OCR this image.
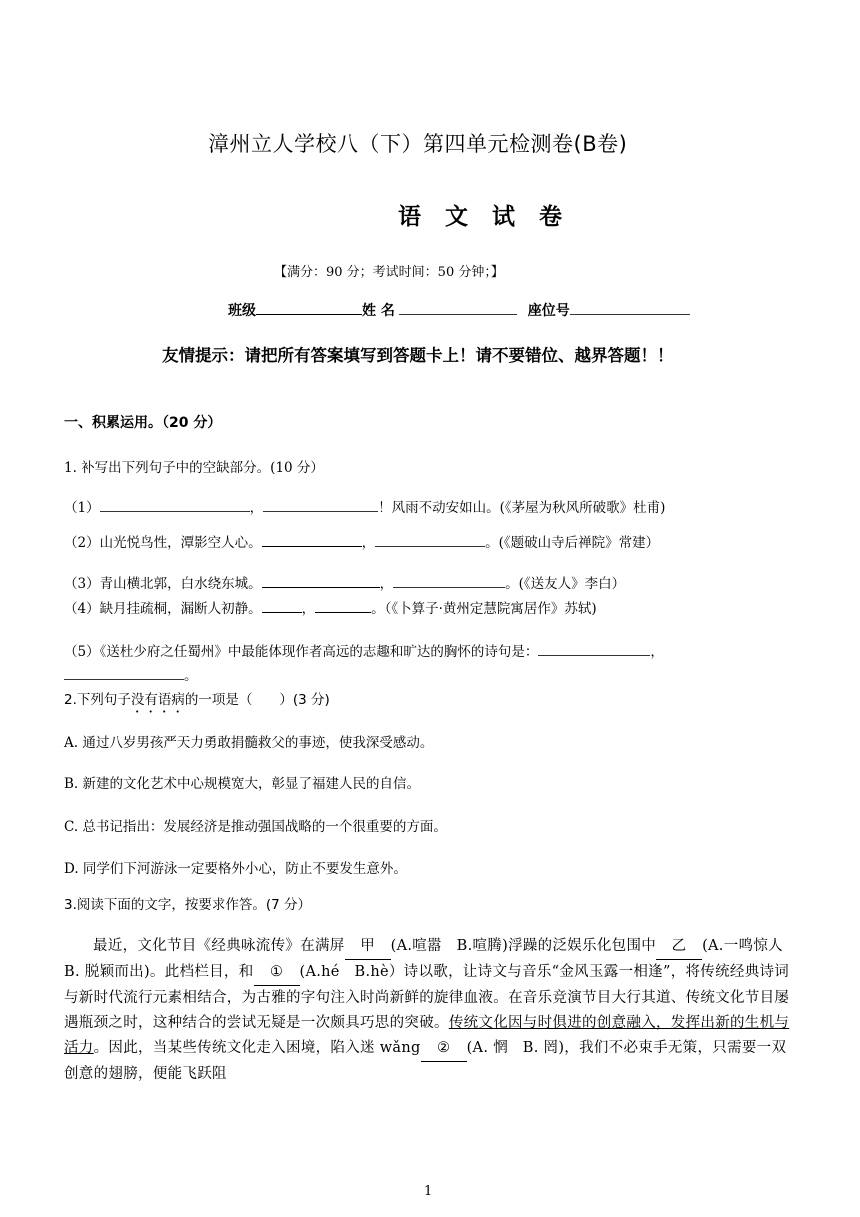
漳州立人学校八（下）第四单元检测卷(B卷)
语 文 试 卷
【满分：90 分；考试时间：50 分钟；】
班级	姓 名	座位号
友情提示：请把所有答案填写到答题卡上！请不要错位、越界答题！！
一、积累运用。（20 分）
1. 补写出下列句子中的空缺部分。(10 分）
（1）	，	！风雨不动安如山。(《茅屋为秋风所破歌》杜甫)
（2）山光悦鸟性，潭影空人心。	，	。(《题破山寺后禅院》常建）
（3）青山横北郭，白水绕东城。	，	。(《送友人》李白）
（4）缺月挂疏桐，漏断人初静。	，	。（《卜算子·黄州定慧院寓居作》苏轼)
（5）《送杜少府之任蜀州》中最能体现作者高远的志趣和旷达的胸怀的诗句是：	，
。
2.下列句子没有语病的一项是（　　）(3 分)
A. 通过八岁男孩严天力勇敢捐髓救父的事迹，使我深受感动。
B. 新建的文化艺术中心规模宽大，彰显了福建人民的自信。
C. 总书记指出：发展经济是推动强国战略的一个很重要的方面。
D. 同学们下河游泳一定要格外小心，防止不要发生意外。
3.阅读下面的文字，按要求作答。(7 分）
最近，文化节目《经典咏流传》在满屏 甲 (A.喧嚣　B.喧腾)浮躁的泛娱乐化包围中 乙 (A.一鸣惊人 B. 脱颖而出)。此档栏目，和 ① (A.hé　B.hè）诗以歌，让诗文与音乐“金风玉露一相逢”，将传统经典诗词与新时代流行元素相结合，为古雅的字句注入时尚新鲜的旋律血液。在音乐竞演节目大行其道、传统文化节目屡遇瓶颈之时，这种结合的尝试无疑是一次颇具巧思的突破。传统文化因与时俱进的创意融入，发挥出新的生机与活力。因此，当某些传统文化走入困境，陷入迷 wǎng ② (A. 惘　B. 罔)，我们不必束手无策，只需要一双创意的翅膀，便能飞跃阻
1
